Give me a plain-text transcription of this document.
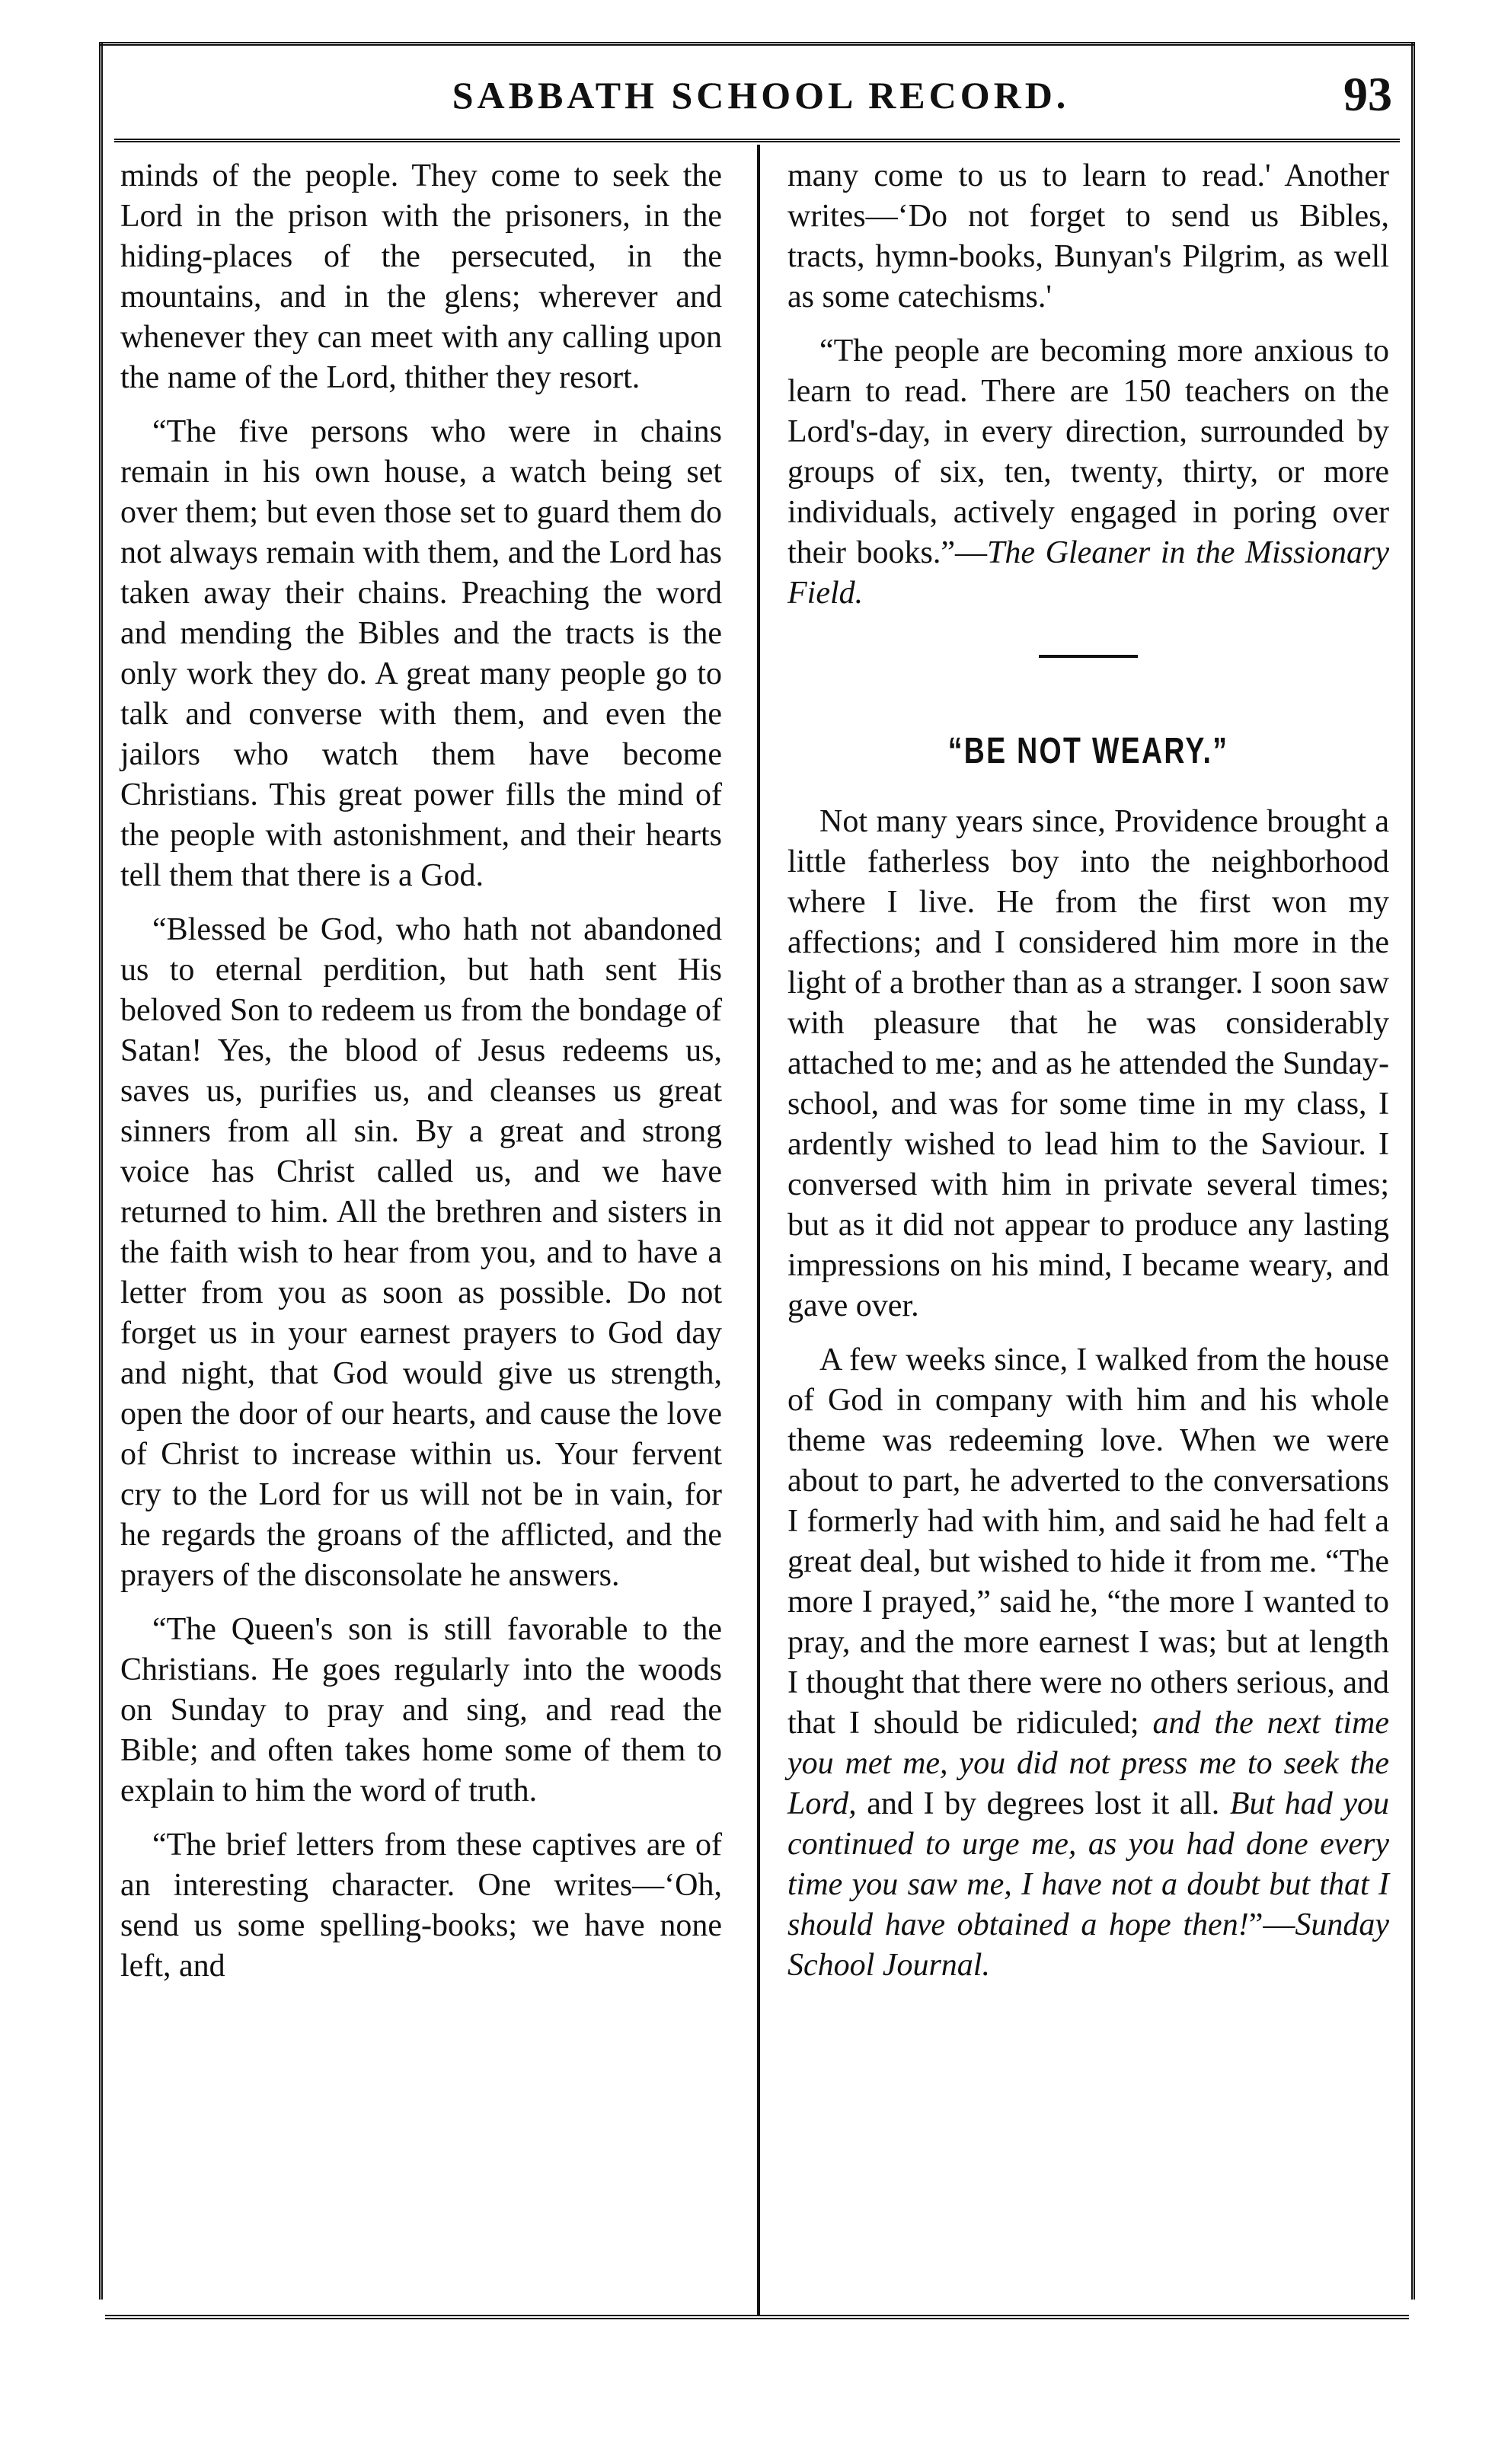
SABBATH SCHOOL RECORD.	93

minds of the people. They come to seek the Lord in the prison with the prisoners, in the hiding-places of the persecuted, in the mountains, and in the glens; wherever and whenever they can meet with any calling upon the name of the Lord, thither they resort.

“The five persons who were in chains remain in his own house, a watch being set over them; but even those set to guard them do not always remain with them, and the Lord has taken away their chains. Preaching the word and mending the Bibles and the tracts is the only work they do. A great many people go to talk and converse with them, and even the jailors who watch them have become Christians. This great power fills the mind of the people with astonishment, and their hearts tell them that there is a God.

“Blessed be God, who hath not abandoned us to eternal perdition, but hath sent His beloved Son to redeem us from the bondage of Satan! Yes, the blood of Jesus redeems us, saves us, purifies us, and cleanses us great sinners from all sin. By a great and strong voice has Christ called us, and we have returned to him. All the brethren and sisters in the faith wish to hear from you, and to have a letter from you as soon as possible. Do not forget us in your earnest prayers to God day and night, that God would give us strength, open the door of our hearts, and cause the love of Christ to increase within us. Your fervent cry to the Lord for us will not be in vain, for he regards the groans of the afflicted, and the prayers of the disconsolate he answers.

“The Queen's son is still favorable to the Christians. He goes regularly into the woods on Sunday to pray and sing, and read the Bible; and often takes home some of them to explain to him the word of truth.

“The brief letters from these captives are of an interesting character. One writes—‘Oh, send us some spelling-books; we have none left, and

many come to us to learn to read.' Another writes—‘Do not forget to send us Bibles, tracts, hymn-books, Bunyan's Pilgrim, as well as some catechisms.'

“The people are becoming more anxious to learn to read. There are 150 teachers on the Lord's-day, in every direction, surrounded by groups of six, ten, twenty, thirty, or more individuals, actively engaged in poring over their books.”—The Gleaner in the Missionary Field.

“BE NOT WEARY.”

Not many years since, Providence brought a little fatherless boy into the neighborhood where I live. He from the first won my affections; and I considered him more in the light of a brother than as a stranger. I soon saw with pleasure that he was considerably attached to me; and as he attended the Sunday-school, and was for some time in my class, I ardently wished to lead him to the Saviour. I conversed with him in private several times; but as it did not appear to produce any lasting impressions on his mind, I became weary, and gave over.

A few weeks since, I walked from the house of God in company with him and his whole theme was redeeming love. When we were about to part, he adverted to the conversations I formerly had with him, and said he had felt a great deal, but wished to hide it from me. “The more I prayed,” said he, “the more I wanted to pray, and the more earnest I was; but at length I thought that there were no others serious, and that I should be ridiculed; and the next time you met me, you did not press me to seek the Lord, and I by degrees lost it all. But had you continued to urge me, as you had done every time you saw me, I have not a doubt but that I should have obtained a hope then!”—Sunday School Journal.
